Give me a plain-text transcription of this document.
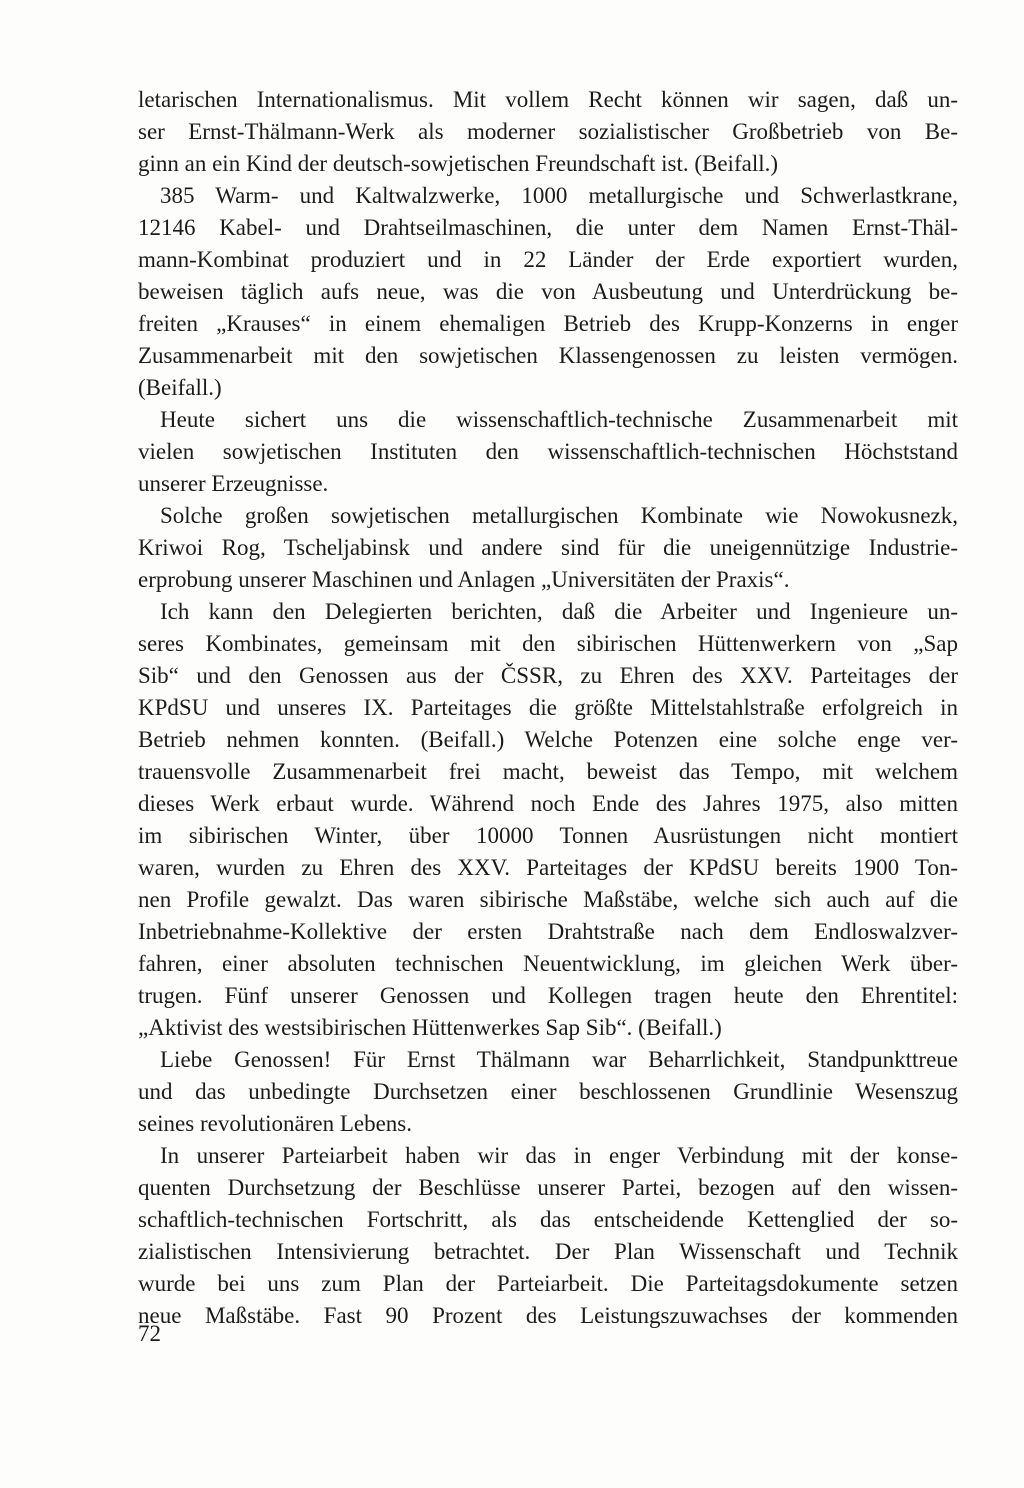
letarischen Internationalismus. Mit vollem Recht können wir sagen, daß un-
ser Ernst-Thälmann-Werk als moderner sozialistischer Großbetrieb von Be-
ginn an ein Kind der deutsch-sowjetischen Freundschaft ist. (Beifall.)
385 Warm- und Kaltwalzwerke, 1000 metallurgische und Schwerlastkrane,
12146 Kabel- und Drahtseilmaschinen, die unter dem Namen Ernst-Thäl-
mann-Kombinat produziert und in 22 Länder der Erde exportiert wurden,
beweisen täglich aufs neue, was die von Ausbeutung und Unterdrückung be-
freiten „Krauses“ in einem ehemaligen Betrieb des Krupp-Konzerns in enger
Zusammenarbeit mit den sowjetischen Klassengenossen zu leisten vermögen.
(Beifall.)
Heute sichert uns die wissenschaftlich-technische Zusammenarbeit mit
vielen sowjetischen Instituten den wissenschaftlich-technischen Höchststand
unserer Erzeugnisse.
Solche großen sowjetischen metallurgischen Kombinate wie Nowokusnezk,
Kriwoi Rog, Tscheljabinsk und andere sind für die uneigennützige Industrie-
erprobung unserer Maschinen und Anlagen „Universitäten der Praxis“.
Ich kann den Delegierten berichten, daß die Arbeiter und Ingenieure un-
seres Kombinates, gemeinsam mit den sibirischen Hüttenwerkern von „Sap
Sib“ und den Genossen aus der ČSSR, zu Ehren des XXV. Parteitages der
KPdSU und unseres IX. Parteitages die größte Mittelstahlstraße erfolgreich in
Betrieb nehmen konnten. (Beifall.) Welche Potenzen eine solche enge ver-
trauensvolle Zusammenarbeit frei macht, beweist das Tempo, mit welchem
dieses Werk erbaut wurde. Während noch Ende des Jahres 1975, also mitten
im sibirischen Winter, über 10000 Tonnen Ausrüstungen nicht montiert
waren, wurden zu Ehren des XXV. Parteitages der KPdSU bereits 1900 Ton-
nen Profile gewalzt. Das waren sibirische Maßstäbe, welche sich auch auf die
Inbetriebnahme-Kollektive der ersten Drahtstraße nach dem Endloswalzver-
fahren, einer absoluten technischen Neuentwicklung, im gleichen Werk über-
trugen. Fünf unserer Genossen und Kollegen tragen heute den Ehrentitel:
„Aktivist des westsibirischen Hüttenwerkes Sap Sib“. (Beifall.)
Liebe Genossen! Für Ernst Thälmann war Beharrlichkeit, Standpunkttreue
und das unbedingte Durchsetzen einer beschlossenen Grundlinie Wesenszug
seines revolutionären Lebens.
In unserer Parteiarbeit haben wir das in enger Verbindung mit der konse-
quenten Durchsetzung der Beschlüsse unserer Partei, bezogen auf den wissen-
schaftlich-technischen Fortschritt, als das entscheidende Kettenglied der so-
zialistischen Intensivierung betrachtet. Der Plan Wissenschaft und Technik
wurde bei uns zum Plan der Parteiarbeit. Die Parteitagsdokumente setzen
neue Maßstäbe. Fast 90 Prozent des Leistungszuwachses der kommenden
72
